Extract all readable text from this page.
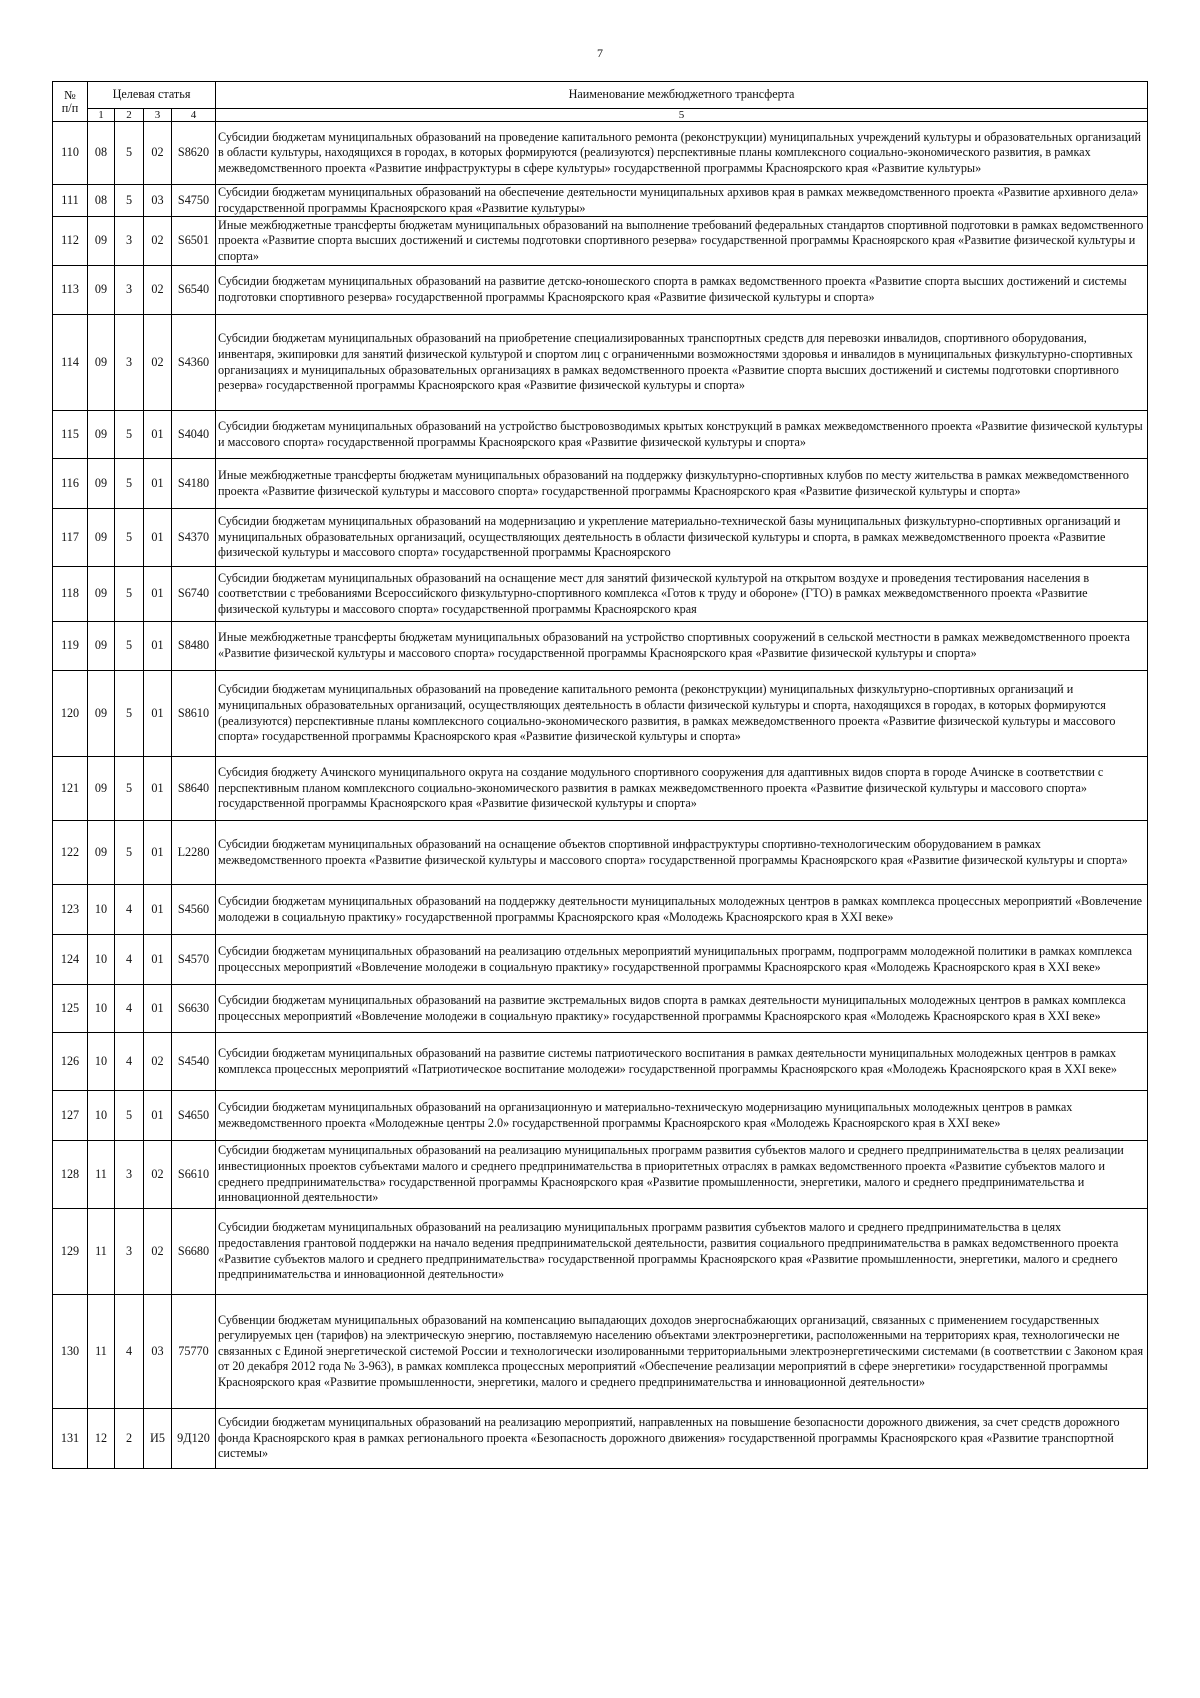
7
№
п/п	Целевая статья				Наименование межбюджетного трансферта
	1	2	3	4	5
110	08	5	02	S8620	Субсидии бюджетам муниципальных образований на проведение капитального ремонта (реконструкции) муниципальных учреждений культуры и образовательных организаций в области культуры, находящихся в городах, в которых формируются (реализуются) перспективные планы комплексного социально-экономического развития, в рамках межведомственного проекта «Развитие инфраструктуры в сфере культуры» государственной программы Красноярского края «Развитие культуры»

111	08	5	03	S4750	Субсидии бюджетам муниципальных образований на обеспечение деятельности муниципальных архивов края в рамках межведомственного проекта «Развитие архивного дела» государственной программы Красноярского края «Развитие культуры»

112	09	3	02	S6501	Иные межбюджетные трансферты бюджетам муниципальных образований на выполнение требований федеральных стандартов спортивной подготовки в рамках ведомственного проекта «Развитие спорта высших достижений и системы подготовки спортивного резерва» государственной программы Красноярского края «Развитие физической культуры и спорта»

113	09	3	02	S6540	Субсидии бюджетам муниципальных образований на развитие детско-юношеского спорта в рамках ведомственного проекта «Развитие спорта высших достижений и системы подготовки спортивного резерва» государственной программы Красноярского края «Развитие физической культуры и спорта»

114	09	3	02	S4360	Субсидии бюджетам муниципальных образований на приобретение специализированных транспортных средств для перевозки инвалидов, спортивного оборудования, инвентаря, экипировки для занятий физической культурой и спортом лиц с ограниченными возможностями здоровья и инвалидов в муниципальных физкультурно-спортивных организациях и муниципальных образовательных организациях в рамках ведомственного проекта «Развитие спорта высших достижений и системы подготовки спортивного резерва» государственной программы Красноярского края «Развитие физической культуры и спорта»

115	09	5	01	S4040	Субсидии бюджетам муниципальных образований на устройство быстровозводимых крытых конструкций в рамках межведомственного проекта «Развитие физической культуры и массового спорта» государственной программы Красноярского края «Развитие физической культуры и спорта»

116	09	5	01	S4180	Иные межбюджетные трансферты бюджетам муниципальных образований на поддержку физкультурно-спортивных клубов по месту жительства в рамках межведомственного проекта «Развитие физической культуры и массового спорта» государственной программы Красноярского края «Развитие физической культуры и спорта»

117	09	5	01	S4370	Субсидии бюджетам муниципальных образований на модернизацию и укрепление материально-технической базы муниципальных физкультурно-спортивных организаций и муниципальных образовательных организаций, осуществляющих деятельность в области физической культуры и спорта, в рамках межведомственного проекта «Развитие физической культуры и массового спорта» государственной программы Красноярского

118	09	5	01	S6740	Субсидии бюджетам муниципальных образований на оснащение мест для занятий физической культурой на открытом воздухе и проведения тестирования населения в соответствии с требованиями Всероссийского физкультурно-спортивного комплекса «Готов к труду и обороне» (ГТО) в рамках межведомственного проекта «Развитие физической культуры и массового спорта» государственной программы Красноярского края

119	09	5	01	S8480	Иные межбюджетные трансферты бюджетам муниципальных образований на устройство спортивных сооружений в сельской местности в рамках межведомственного проекта «Развитие физической культуры и массового спорта» государственной программы Красноярского края «Развитие физической культуры и спорта»

120	09	5	01	S8610	Субсидии бюджетам муниципальных образований на проведение капитального ремонта (реконструкции) муниципальных физкультурно-спортивных организаций и муниципальных образовательных организаций, осуществляющих деятельность в области физической культуры и спорта, находящихся в городах, в которых формируются (реализуются) перспективные планы комплексного социально-экономического развития, в рамках межведомственного проекта «Развитие физической культуры и массового спорта» государственной программы Красноярского края «Развитие физической культуры и спорта»

121	09	5	01	S8640	Субсидия бюджету Ачинского муниципального округа на создание модульного спортивного сооружения для адаптивных видов спорта в городе Ачинске в соответствии с перспективным планом комплексного социально-экономического развития в рамках межведомственного проекта «Развитие физической культуры и массового спорта» государственной программы Красноярского края «Развитие физической культуры и спорта»

122	09	5	01	L2280	Субсидии бюджетам муниципальных образований на оснащение объектов спортивной инфраструктуры спортивно-технологическим оборудованием в рамках межведомственного проекта «Развитие физической культуры и массового спорта» государственной программы Красноярского края «Развитие физической культуры и спорта»

123	10	4	01	S4560	Субсидии бюджетам муниципальных образований на поддержку деятельности муниципальных молодежных центров в рамках комплекса процессных мероприятий «Вовлечение молодежи в социальную практику» государственной программы Красноярского края «Молодежь Красноярского края в XXI веке»

124	10	4	01	S4570	Субсидии бюджетам муниципальных образований на реализацию отдельных мероприятий муниципальных программ, подпрограмм молодежной политики в рамках комплекса процессных мероприятий «Вовлечение молодежи в социальную практику» государственной программы Красноярского края «Молодежь Красноярского края в XXI веке»

125	10	4	01	S6630	Субсидии бюджетам муниципальных образований на развитие экстремальных видов спорта в рамках деятельности муниципальных молодежных центров в рамках комплекса процессных мероприятий «Вовлечение молодежи в социальную практику» государственной программы Красноярского края «Молодежь Красноярского края в XXI веке»

126	10	4	02	S4540	Субсидии бюджетам муниципальных образований на развитие системы патриотического воспитания в рамках деятельности муниципальных молодежных центров в рамках комплекса процессных мероприятий «Патриотическое воспитание молодежи» государственной программы Красноярского края «Молодежь Красноярского края в XXI веке»

127	10	5	01	S4650	Субсидии бюджетам муниципальных образований на организационную и материально-техническую модернизацию муниципальных молодежных центров в рамках межведомственного проекта «Молодежные центры 2.0» государственной программы Красноярского края «Молодежь Красноярского края в XXI веке»

128	11	3	02	S6610	Субсидии бюджетам муниципальных образований на реализацию муниципальных программ развития субъектов малого и среднего предпринимательства в целях реализации инвестиционных проектов субъектами малого и среднего предпринимательства в приоритетных отраслях в рамках ведомственного проекта «Развитие субъектов малого и среднего предпринимательства» государственной программы Красноярского края «Развитие промышленности, энергетики, малого и среднего предпринимательства и инновационной деятельности»

129	11	3	02	S6680	Субсидии бюджетам муниципальных образований на реализацию муниципальных программ развития субъектов малого и среднего предпринимательства в целях предоставления грантовой поддержки на начало ведения предпринимательской деятельности, развития социального предпринимательства в рамках ведомственного проекта «Развитие субъектов малого и среднего предпринимательства» государственной программы Красноярского края «Развитие промышленности, энергетики, малого и среднего предпринимательства и инновационной деятельности»

130	11	4	03	75770	Субвенции бюджетам муниципальных образований на компенсацию выпадающих доходов энергоснабжающих организаций, связанных с применением государственных регулируемых цен (тарифов) на электрическую энергию, поставляемую населению объектами электроэнергетики, расположенными на территориях края, технологически не связанных с Единой энергетической системой России и технологически изолированными территориальными электроэнергетическими системами (в соответствии с Законом края от 20 декабря 2012 года № 3-963), в рамках комплекса процессных мероприятий «Обеспечение реализации мероприятий в сфере энергетики» государственной программы Красноярского края «Развитие промышленности, энергетики, малого и среднего предпринимательства и инновационной деятельности»

131	12	2	И5	9Д120	Субсидии бюджетам муниципальных образований на реализацию мероприятий, направленных на повышение безопасности дорожного движения, за счет средств дорожного фонда Красноярского края в рамках регионального проекта «Безопасность дорожного движения» государственной программы Красноярского края «Развитие транспортной системы»
